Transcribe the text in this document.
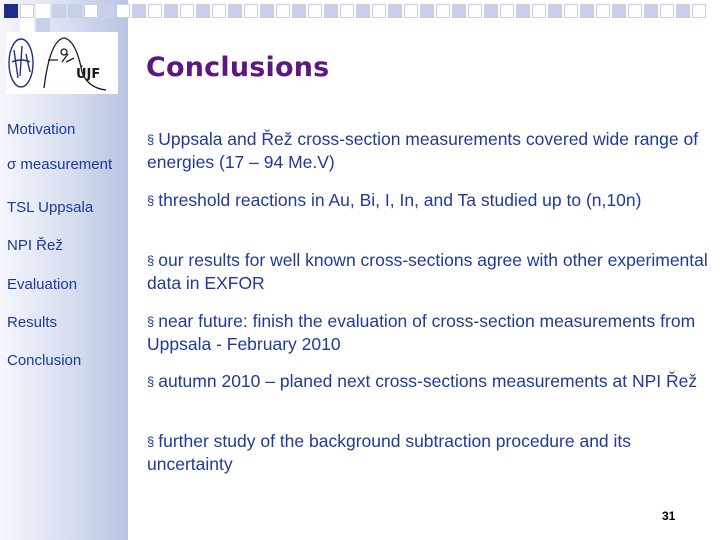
ÚJF Conclusions
Motivation
σ measurement
TSL Uppsala
NPI Řež
Evaluation
Results
Conclusion
§ Uppsala and Řež cross-section measurements covered wide range of energies (17 – 94 Me.V)
§ threshold reactions in Au, Bi, I, In, and Ta studied up to (n,10n)
§ our results for well known cross-sections agree with other experimental data in EXFOR
§ near future: finish the evaluation of cross-section measurements from Uppsala - February 2010
§ autumn 2010 – planed next cross-sections measurements at NPI Řež
§ further study of the background subtraction procedure and its uncertainty
31
